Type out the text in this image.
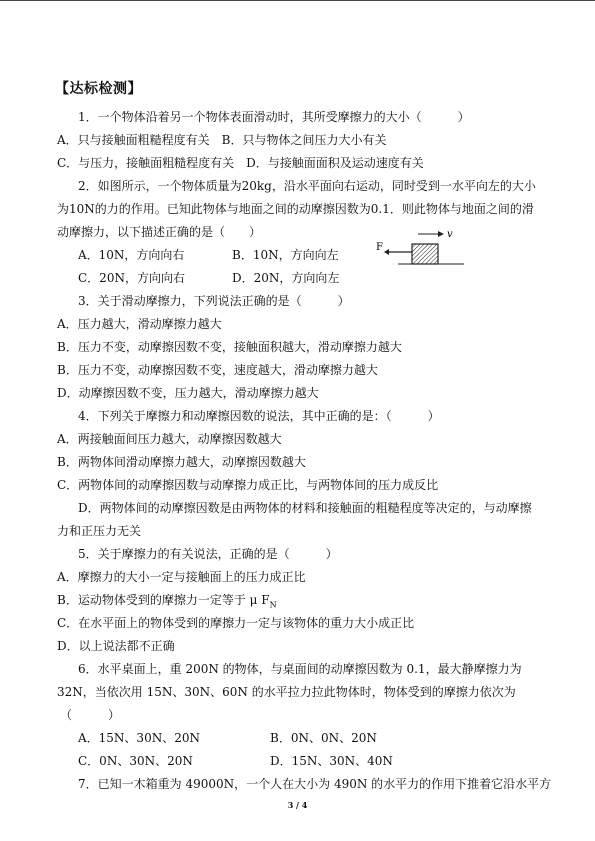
【达标检测】
1．一个物体沿着另一个物体表面滑动时，其所受摩擦力的大小（　　　）
A．只与接触面粗糙程度有关　B．只与物体之间压力大小有关
C．与压力，接触面粗糙程度有关　D．与接触面面积及运动速度有关
2．如图所示，一个物体质量为20kg，沿水平面向右运动，同时受到一水平向左的大小
为10N的力的作用。已知此物体与地面之间的动摩擦因数为0.1．则此物体与地面之间的滑
动摩擦力，以下描述正确的是（　　）
A．10N，方向向右	B．10N，方向向左
C．20N，方向向右	D．20N，方向向左
F
v
3．关于滑动摩擦力，下列说法正确的是（　　　）
A．压力越大，滑动摩擦力越大
B．压力不变，动摩擦因数不变，接触面积越大，滑动摩擦力越大
B．压力不变，动摩擦因数不变，速度越大，滑动摩擦力越大
D．动摩擦因数不变，压力越大，滑动摩擦力越大
4．下列关于摩擦力和动摩擦因数的说法，其中正确的是：（　　　）
A．两接触面间压力越大，动摩擦因数越大
B．两物体间滑动摩擦力越大，动摩擦因数越大
C．两物体间的动摩擦因数与动摩擦力成正比，与两物体间的压力成反比
D．两物体间的动摩擦因数是由两物体的材料和接触面的粗糙程度等决定的，与动摩擦
力和正压力无关
5．关于摩擦力的有关说法，正确的是（　　　）
A．摩擦力的大小一定与接触面上的压力成正比
B．运动物体受到的摩擦力一定等于 μ $F_N$
C．在水平面上的物体受到的摩擦力一定与该物体的重力大小成正比
D．以上说法都不正确
6．水平桌面上，重 200N 的物体，与桌面间的动摩擦因数为 0.1，最大静摩擦力为
32N，当依次用 15N、30N、60N 的水平拉力拉此物体时，物体受到的摩擦力依次为
（　　　）
A．15N、30N、20N	B．0N、0N、20N
C．0N、30N、20N	D．15N、30N、40N
7．已知一木箱重为 49000N，一个人在大小为 490N 的水平力的作用下推着它沿水平方
3 / 4
